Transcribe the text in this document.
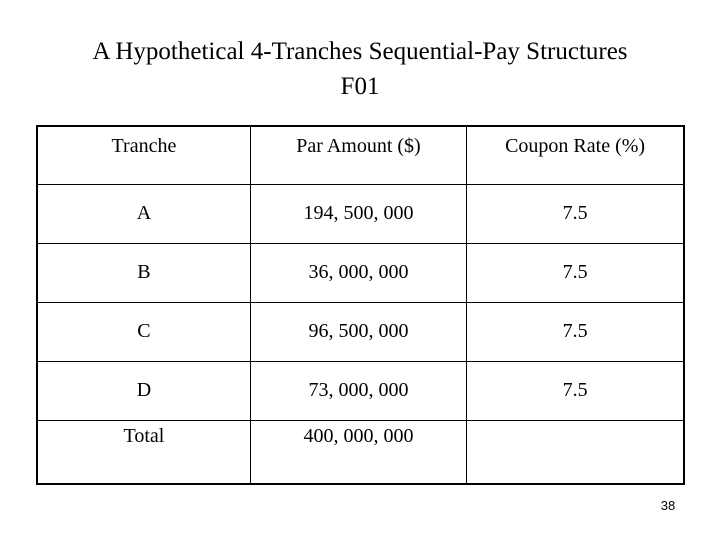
A Hypothetical 4-Tranches Sequential-Pay Structures
F01
Tranche	Par Amount ($)	Coupon Rate (%)
A	194, 500, 000	7.5
B	36, 000, 000	7.5
C	96, 500, 000	7.5
D	73, 000, 000	7.5
Total	400, 000, 000	
38
